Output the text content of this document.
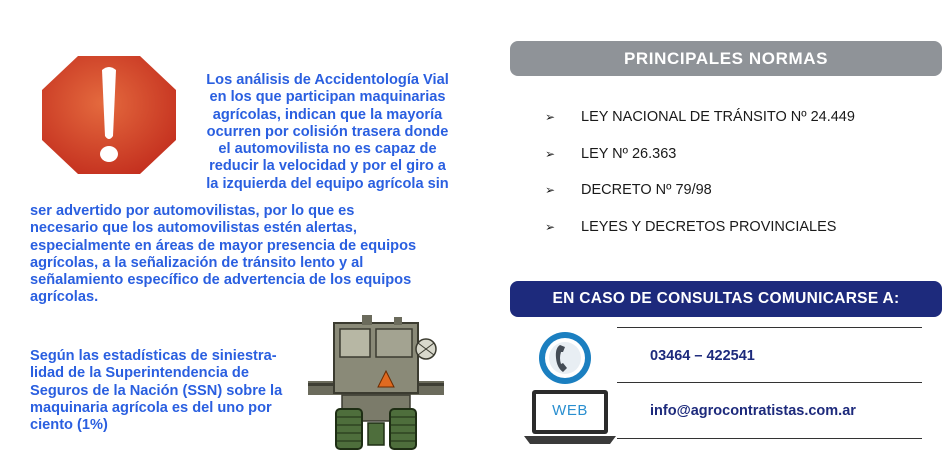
Los análisis de Accidentología Vial
en los que participan maquinarias
agrícolas, indican que la mayoría
ocurren por colisión trasera donde
el automovilista no es capaz de
reducir la velocidad y por el giro a
la izquierda del equipo agrícola sin
ser advertido por automovilistas, por lo que es
necesario que los automovilistas estén alertas,
especialmente en áreas de mayor presencia de equipos
agrícolas, a la señalización de tránsito lento y al
señalamiento específico de advertencia de los equipos
agrícolas.
Según las estadísticas de siniestra-
lidad de la Superintendencia de
Seguros de la Nación (SSN) sobre la
maquinaria agrícola es del uno por
ciento (1%)
PRINCIPALES NORMAS
➢ LEY NACIONAL DE TRÁNSITO Nº 24.449
➢ LEY Nº 26.363
➢ DECRETO Nº 79/98
➢ LEYES Y DECRETOS PROVINCIALES
EN CASO DE CONSULTAS COMUNICARSE A:
03464 – 422541
WEB	info@agrocontratistas.com.ar
